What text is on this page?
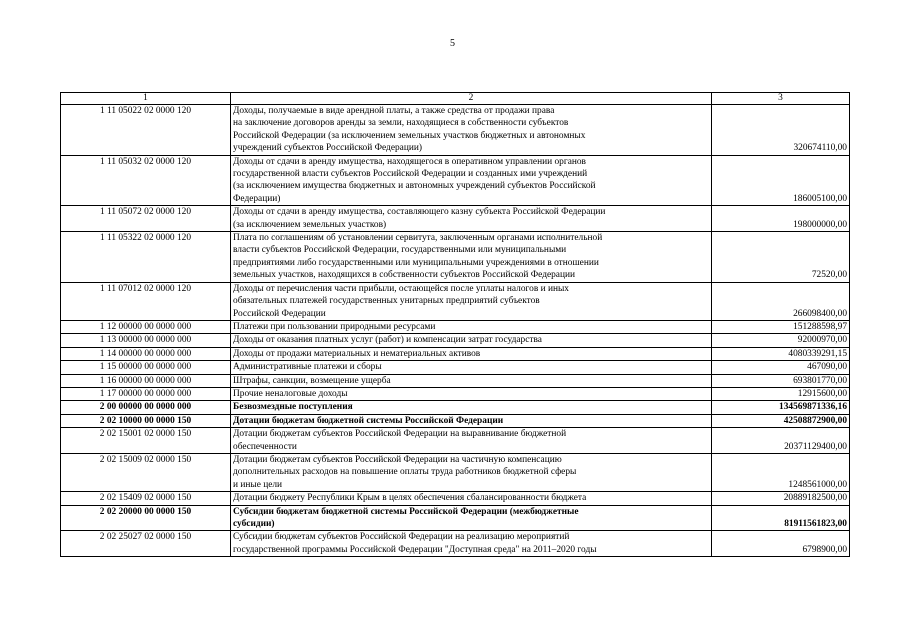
5
1	2	3
1 11 05022 02 0000 120	Доходы, получаемые в виде арендной платы, а также средства от продажи права
на заключение договоров аренды за земли, находящиеся в собственности субъектов
Российской Федерации (за исключением земельных участков бюджетных и автономных
учреждений субъектов Российской Федерации)	320674110,00
1 11 05032 02 0000 120	Доходы от сдачи в аренду имущества, находящегося в оперативном управлении органов
государственной власти субъектов Российской Федерации и созданных ими учреждений
(за исключением имущества бюджетных и автономных учреждений субъектов Российской
Федерации)	186005100,00
1 11 05072 02 0000 120	Доходы от сдачи в аренду имущества, составляющего казну субъекта Российской Федерации
(за исключением земельных участков)	198000000,00
1 11 05322 02 0000 120	Плата по соглашениям об установлении сервитута, заключенным органами исполнительной
власти субъектов Российской Федерации, государственными или муниципальными
предприятиями либо государственными или муниципальными учреждениями в отношении
земельных участков, находящихся в собственности субъектов Российской Федерации	72520,00
1 11 07012 02 0000 120	Доходы от перечисления части прибыли, остающейся после уплаты налогов и иных
обязательных платежей государственных унитарных предприятий субъектов
Российской Федерации	266098400,00
1 12 00000 00 0000 000	Платежи при пользовании природными ресурсами	151288598,97
1 13 00000 00 0000 000	Доходы от оказания платных услуг (работ) и компенсации затрат государства	92000970,00
1 14 00000 00 0000 000	Доходы от продажи материальных и нематериальных активов	4080339291,15
1 15 00000 00 0000 000	Административные платежи и сборы	467090,00
1 16 00000 00 0000 000	Штрафы, санкции, возмещение ущерба	693801770,00
1 17 00000 00 0000 000	Прочие неналоговые доходы	12915600,00
2 00 00000 00 0000 000	Безвозмездные поступления	134569871336,16
2 02 10000 00 0000 150	Дотации бюджетам бюджетной системы Российской Федерации	42508872900,00
2 02 15001 02 0000 150	Дотации бюджетам субъектов Российской Федерации на выравнивание бюджетной
обеспеченности	20371129400,00
2 02 15009 02 0000 150	Дотации бюджетам субъектов Российской Федерации на частичную компенсацию
дополнительных расходов на повышение оплаты труда работников бюджетной сферы
и иные цели	1248561000,00
2 02 15409 02 0000 150	Дотации бюджету Республики Крым в целях обеспечения сбалансированности бюджета	20889182500,00
2 02 20000 00 0000 150	Субсидии бюджетам бюджетной системы Российской Федерации (межбюджетные
субсидии)	81911561823,00
2 02 25027 02 0000 150	Субсидии бюджетам субъектов Российской Федерации на реализацию мероприятий
государственной программы Российской Федерации "Доступная среда" на 2011–2020 годы	6798900,00
